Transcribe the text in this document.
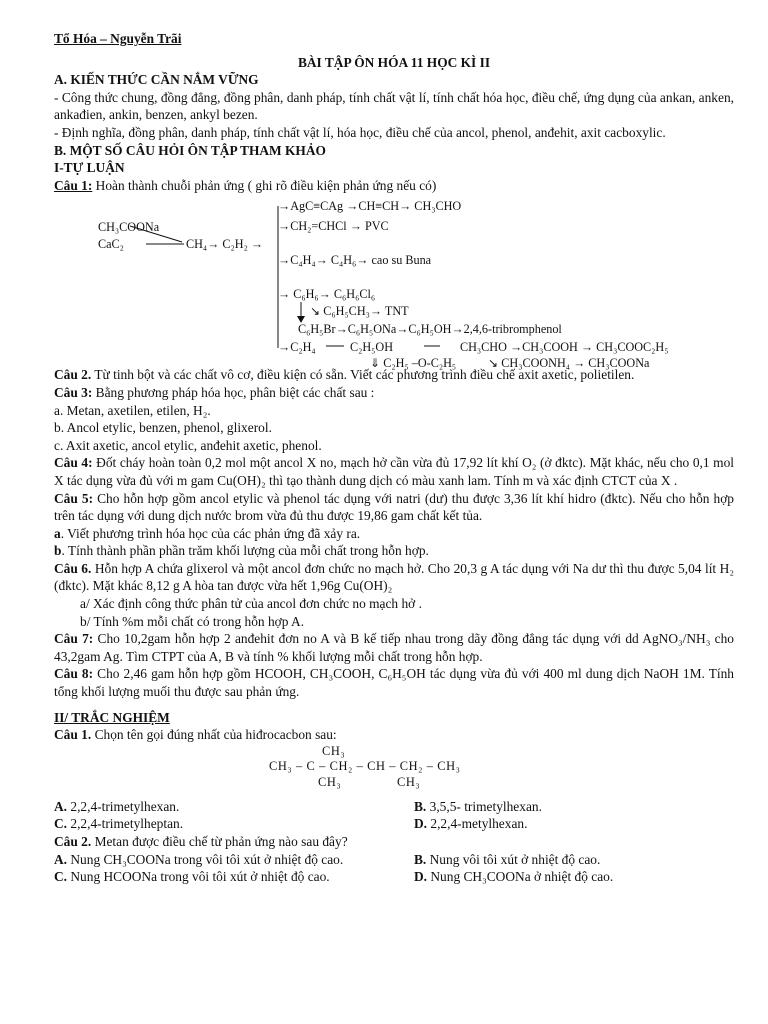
Tổ Hóa – Nguyễn Trãi

BÀI TẬP ÔN HÓA 11 HỌC KÌ II

A. KIẾN THỨC CẦN NẮM VỮNG

- Công thức chung, đồng đẳng, đồng phân, danh pháp, tính chất vật lí, tính chất hóa học, điều chế, ứng dụng của ankan, anken, ankađien, ankin, benzen, ankyl bezen.

- Định nghĩa, đồng phân, danh pháp, tính chất vật lí, hóa học, điều chế của ancol, phenol, anđehit, axit cacboxylic.

B. MỘT SỐ CÂU HỎI ÔN TẬP THAM KHẢO

I-TỰ LUẬN

Câu 1: Hoàn thành chuỗi phản ứng ( ghi rõ điều kiện phản ứng nếu có)

CH₃COONa
CaC₂	CH₄→ C₂H₂ →
→AgC≡CAg →CH≡CH→ CH₃CHO
→CH₂=CHCl → PVC
→C₄H₄→ C₄H₆→ cao su Buna
→ C₆H₆→ C₆H₆Cl₆
↘ C₆H₅CH₃→ TNT
C₆H₅Br→C₆H₅ONa→C₆H₅OH→2,4,6-tribromphenol
→C₂H₄	C₂H₅OH	CH₃CHO →CH₃COOH → CH₃COOC₂H₅
⇓ C₂H₅ –O-C₂H₅	↘ CH₃COONH₄ → CH₃COONa

Câu 2. Từ tinh bột và các chất vô cơ, điều kiện có sẵn. Viết các phương trình điều chế axit axetic, polietilen.

Câu 3: Bằng phương pháp hóa học, phân biệt các chất sau :

a. Metan, axetilen, etilen, H₂.

b. Ancol etylic, benzen, phenol, glixerol.

c. Axit axetic, ancol etylic, anđehit axetic, phenol.

Câu 4: Đốt cháy hoàn toàn 0,2 mol một ancol X no, mạch hở cần vừa đủ 17,92 lít khí O₂ (ở đktc). Mặt khác, nếu cho 0,1 mol X tác dụng vừa đủ với m gam Cu(OH)₂ thì tạo thành dung dịch có màu xanh lam. Tính m và xác định CTCT của X .

Câu 5: Cho hỗn hợp gồm ancol etylic và phenol tác dụng với natri (dư) thu được 3,36 lít khí hidro (đktc). Nếu cho hỗn hợp trên tác dụng với dung dịch nước brom vừa đủ thu được 19,86 gam chất kết tủa.

a. Viết phương trình hóa học của các phản ứng đã xảy ra.

b. Tính thành phần phần trăm khối lượng của mỗi chất trong hỗn hợp.

Câu 6. Hỗn hợp A chứa glixerol và một ancol đơn chức no mạch hở. Cho 20,3 g A tác dụng với Na dư thì thu được 5,04 lít H₂ (đktc). Mặt khác 8,12 g A hòa tan được vừa hết 1,96g Cu(OH)₂

a/ Xác định công thức phân tử của ancol đơn chức no mạch hở .

b/ Tính %m mỗi chất có trong hỗn hợp A.

Câu 7: Cho 10,2gam hỗn hợp 2 anđehit đơn no A và B kế tiếp nhau trong dãy đồng đẳng tác dụng với dd AgNO₃/NH₃ cho 43,2gam Ag. Tìm CTPT của A, B và tính % khối lượng mỗi chất trong hỗn hợp.

Câu 8: Cho 2,46 gam hỗn hợp gồm HCOOH, CH₃COOH, C₆H₅OH tác dụng vừa đủ với 400 ml dung dịch NaOH 1M. Tính tổng khối lượng muối thu được sau phản ứng.

II/ TRẮC NGHIỆM

Câu 1. Chọn tên gọi đúng nhất của hiđrocacbon sau:

CH₃
CH₃ – C – CH₂ – CH – CH₂ – CH₃
CH₃	CH₃

A. 2,2,4-trimetylhexan.	B. 3,5,5- trimetylhexan.

C. 2,2,4-trimetylheptan.	D. 2,2,4-metylhexan.

Câu 2. Metan được điều chế từ phản ứng nào sau đây?

A. Nung CH₃COONa trong vôi tôi xút ở nhiệt độ cao.	B. Nung vôi tôi xút ở nhiệt độ cao.

C. Nung HCOONa trong vôi tôi xút ở nhiệt độ cao.	D. Nung CH₃COONa ở nhiệt độ cao.
